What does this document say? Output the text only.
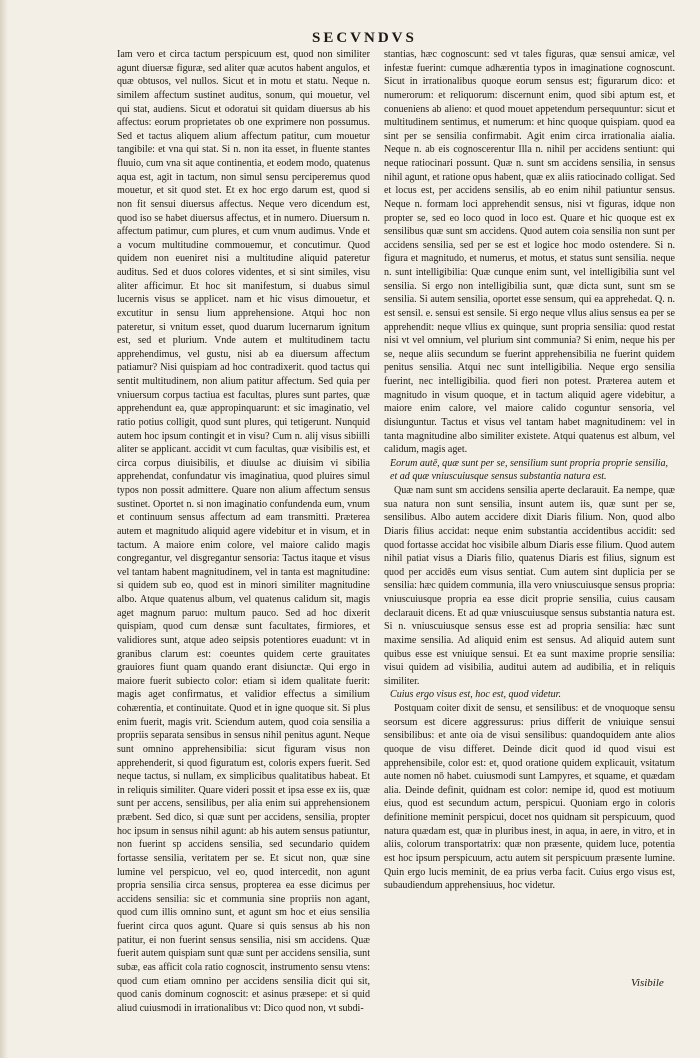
SECVNDVS

Iam vero et circa tactum perspicuum est, quod non similiter agunt diuersæ figuræ, sed aliter quæ acutos habent angulos, et quæ obtusos, vel nullos. Sicut et in motu et statu. Neque n. similem affectum sustinet auditus, sonum, qui mouetur, vel qui stat, audiens. Sicut et odoratui sit quidam diuersus ab his affectus: eorum proprietates ob one exprimere non possumus. Sed et tactus aliquem alium affectum patitur, cum mouetur tangibile: et vna qui stat. Si n. non ita esset, in fluente stantes fluuio, cum vna sit aque continentia, et eodem modo, quatenus aqua est, agit in tactum, non simul sensu perciperemus quod mouetur, et sit quod stet. Et ex hoc ergo darum est, quod si non fit sensui diuersus affectus. Neque vero dicendum est, quod iso se habet diuersus affectus, et in numero. Diuersum n. affectum patimur, cum plures, et cum vnum audimus. Vnde et a vocum multitudine commouemur, et concutimur. Quod quidem non eueniret nisi a multitudine aliquid pateretur auditus. Sed et duos colores videntes, et si sint similes, visu aliter afficimur. Et hoc sit manifestum, si duabus simul lucernis visus se applicet. nam et hic visus dimouetur, et excutitur in sensu lium apprehensione. Atqui hoc non pateretur, si vnitum esset, quod duarum lucernarum ignitum est, sed et plurium. Vnde autem et multitudinem tactu apprehendimus, vel gustu, nisi ab ea diuersum affectum patiamur? Nisi quispiam ad hoc contradixerit. quod tactus qui sentit multitudinem, non alium patitur affectum. Sed quia per vniuersum corpus tactiua est facultas, plures sunt partes, quæ apprehendunt ea, quæ appropinquarunt: et sic imaginatio, vel ratio potius colligit, quod sunt plures, qui tetigerunt. Nunquid autem hoc ipsum contingit et in visu? Cum n. alij visus sibiilli aliter se applicant. accidit vt cum facultas, quæ visibilis est, et circa corpus diuisibilis, et diuulse ac diuisim vi sibilia apprehendat, confundatur vis imaginatiua, quod pluires simul typos non possit admittere. Quare non alium affectum sensus sustinet. Oportet n. si non imaginatio confundenda eum, vnum et continuum sensus affectum ad eam transmitti. Præterea autem et magnitudo aliquid agere videbitur et in visum, et in tactum. A maiore enim colore, vel maiore calido magis congregantur, vel disgregantur sensoria: Tactus itaque et visus vel tantam habent magnitudinem, vel in tanta est magnitudine: si quidem sub eo, quod est in minori similiter magnitudine albo. Atque quatenus album, vel quatenus calidum sit, magis aget magnum paruo: multum pauco. Sed ad hoc dixerit quispiam, quod cum densæ sunt facultates, firmiores, et validiores sunt, atque adeo seipsis potentiores euadunt: vt in granibus clarum est: coeuntes quidem certe grauitates grauiores fiunt quam quando erant disiunctæ. Qui ergo in maiore fuerit subiecto color: etiam si idem qualitate fuerit: magis aget confirmatus, et validior effectus a similium cohærentia, et continuitate. Quod et in igne quoque sit. Si plus enim fuerit, magis vrit. Sciendum autem, quod coia sensilia a propriis separata sensibus in sensus nihil penitus agunt. Neque sunt omnino apprehensibilia: sicut figuram visus non apprehenderit, si quod figuratum est, coloris expers fuerit. Sed neque tactus, si nullam, ex simplicibus qualitatibus habeat. Et in reliquis similiter. Quare videri possit et ipsa esse ex iis, quæ sunt per accens, sensilibus, per alia enim sui apprehensionem præbent. Sed dico, si quæ sunt per accidens, sensilia, propter hoc ipsum in sensus nihil agunt: ab his autem sensus patiuntur, non fuerint sp accidens sensilia, sed secundario quidem fortasse sensilia, veritatem per se. Et sicut non, quæ sine lumine vel perspicuo, vel eo, quod intercedit, non agunt propria sensilia circa sensus, propterea ea esse dicimus per accidens sensilia: sic et communia sine propriis non agant, quod cum illis omnino sunt, et agunt sm hoc et eius sensilia fuerint circa quos agunt. Quare si quis sensus ab his non patitur, ei non fuerint sensus sensilia, nisi sm accidens. Quæ fuerit autem quispiam sunt quæ sunt per accidens sensilia, sunt subæ, eas afficit cola ratio cognoscit, instrumento sensu vtens: quod cum etiam omnino per accidens sensilia dicit qui sit, quod canis dominum cognoscit: et asinus præsepe: et si quid aliud cuiusmodi in irrationalibus vt: Dico quod non, vt subdi-

stantias, hæc cognoscunt: sed vt tales figuras, quæ sensui amicæ, vel infestæ fuerint: cumque adhærentia typos in imaginatione cognoscunt. Sicut in irrationalibus quoque eorum sensus est; figurarum dico: et numerorum: et reliquorum: discernunt enim, quod sibi aptum est, et conueniens ab alieno: et quod mouet appetendum persequuntur: sicut et multitudinem sentimus, et numerum: et hinc quoque quispiam. quod ea sint per se sensilia confirmabit. Agit enim circa irrationalia aialia. Neque n. ab eis cognoscerentur Illa n. nihil per accidens sentiunt: qui neque ratiocinari possunt. Quæ n. sunt sm accidens sensilia, in sensus nihil agunt, et ratione opus habent, quæ ex aliis ratiocinado colligat. Sed et locus est, per accidens sensilis, ab eo enim nihil patiuntur sensus. Neque n. formam loci apprehendit sensus, nisi vt figuras, idque non propter se, sed eo loco quod in loco est. Quare et hic quoque est ex sensilibus quæ sunt sm accidens. Quod autem coia sensilia non sunt per accidens sensilia, sed per se est et logice hoc modo ostendere. Si n. figura et magnitudo, et numerus, et motus, et status sunt sensilia. neque n. sunt intelligibilia: Quæ cunque enim sunt, vel intelligibilia sunt vel sensilia. Si ergo non intelligibilia sunt, quæ dicta sunt, sunt sm se sensilia. Si autem sensilia, oportet esse sensum, qui ea apprehedat. Q. n. est sensil. e. sensui est sensile. Si ergo neque vllus alius sensus ea per se apprehendit: neque vllius ex quinque, sunt propria sensilia: quod restat nisi vt vel omnium, vel plurium sint communia? Si enim, neque his per se, neque aliis secundum se fuerint apprehensibilia ne fuerint quidem penitus sensilia. Atqui nec sunt intelligibilia. Neque ergo sensilia fuerint, nec intelligibilia. quod fieri non potest. Præterea autem et magnitudo in visum quoque, et in tactum aliquid agere videbitur, a maiore enim calore, vel maiore calido coguntur sensoria, vel disiunguntur. Tactus et visus vel tantam habet magnitudinem: vel in tanta magnitudine albo similiter existete. Atqui quatenus est album, vel calidum, magis aget.

Eorum autē, quæ sunt per se, sensilium sunt propria proprie sensilia, et ad quæ vniuscuiusque sensus substantia natura est.

Quæ nam sunt sm accidens sensilia aperte declarauit. Ea nempe, quæ sua natura non sunt sensilia, insunt autem iis, quæ sunt per se, sensilibus. Albo autem accidere dixit Diaris filium. Non, quod albo Diaris filius accidat: neque enim substantia accidentibus accidit: sed quod fortasse accidat hoc visibile album Diaris esse filium. Quod autem nihil patiat visus a Diaris filio, quatenus Diaris est filius, signum est quod per accidēs eum visus sentiat. Cum autem sint duplicia per se sensilia: hæc quidem communia, illa vero vniuscuiusque sensus propria: vniuscuiusque propria ea esse dicit proprie sensilia, cuius causam declarauit dicens. Et ad quæ vniuscuiusque sensus substantia natura est. Si n. vniuscuiusque sensus esse est ad propria sensilia: hæc sunt maxime sensilia. Ad aliquid enim est sensus. Ad aliquid autem sunt quibus esse est vniuique sensui. Et ea sunt maxime proprie sensilia: visui quidem ad visibilia, auditui autem ad audibilia, et in reliquis similiter.

Cuius ergo visus est, hoc est, quod videtur.

Postquam coiter dixit de sensu, et sensilibus: et de vnoquoque sensu seorsum est dicere aggressurus: prius differit de vniuique sensui sensibilibus: et ante oia de visui sensilibus: quandoquidem ante alios quoque de visu differet. Deinde dicit quod id quod visui est apprehensibile, color est: et, quod oratione quidem explicauit, vsitatum aute nomen nō habet. cuiusmodi sunt Lampyres, et squame, et quædam alia. Deinde definit, quidnam est color: nemipe id, quod est motiuum eius, quod est secundum actum, perspicui. Quoniam ergo in coloris definitione meminit perspicui, docet nos quidnam sit perspicuum, quod natura quædam est, quæ in pluribus inest, in aqua, in aere, in vitro, et in aliis, colorum transportatrix: quæ non præsente, quidem luce, potentia est hoc ipsum perspicuum, actu autem sit perspicuum præsente lumine. Quin ergo lucis meminit, de ea prius verba facit. Cuius ergo visus est, subaudiendum apprehensiuus, hoc videtur.

Visibile
